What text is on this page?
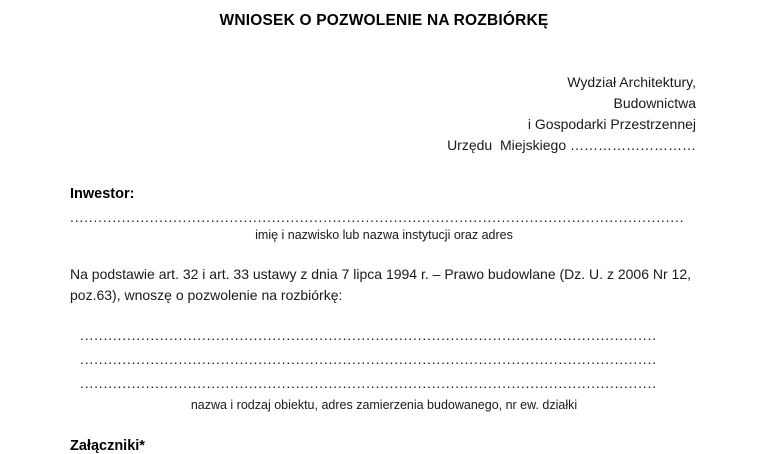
WNIOSEK O POZWOLENIE NA ROZBIÓRKĘ
Wydział Architektury,
Budownictwa
i Gospodarki Przestrzennej
Urzędu  Miejskiego ………………………
Inwestor:
...................................................................................................................................
imię i nazwisko lub nazwa instytucji oraz adres

Na podstawie art. 32 i art. 33 ustawy z dnia 7 lipca 1994 r. – Prawo budowlane (Dz. U. z 2006 Nr 12, poz.63), wnoszę o pozwolenie na rozbiórkę:

...........................................................................................................................
...........................................................................................................................
...........................................................................................................................
nazwa i rodzaj obiektu, adres zamierzenia budowanego, nr ew. działki
Załączniki*
